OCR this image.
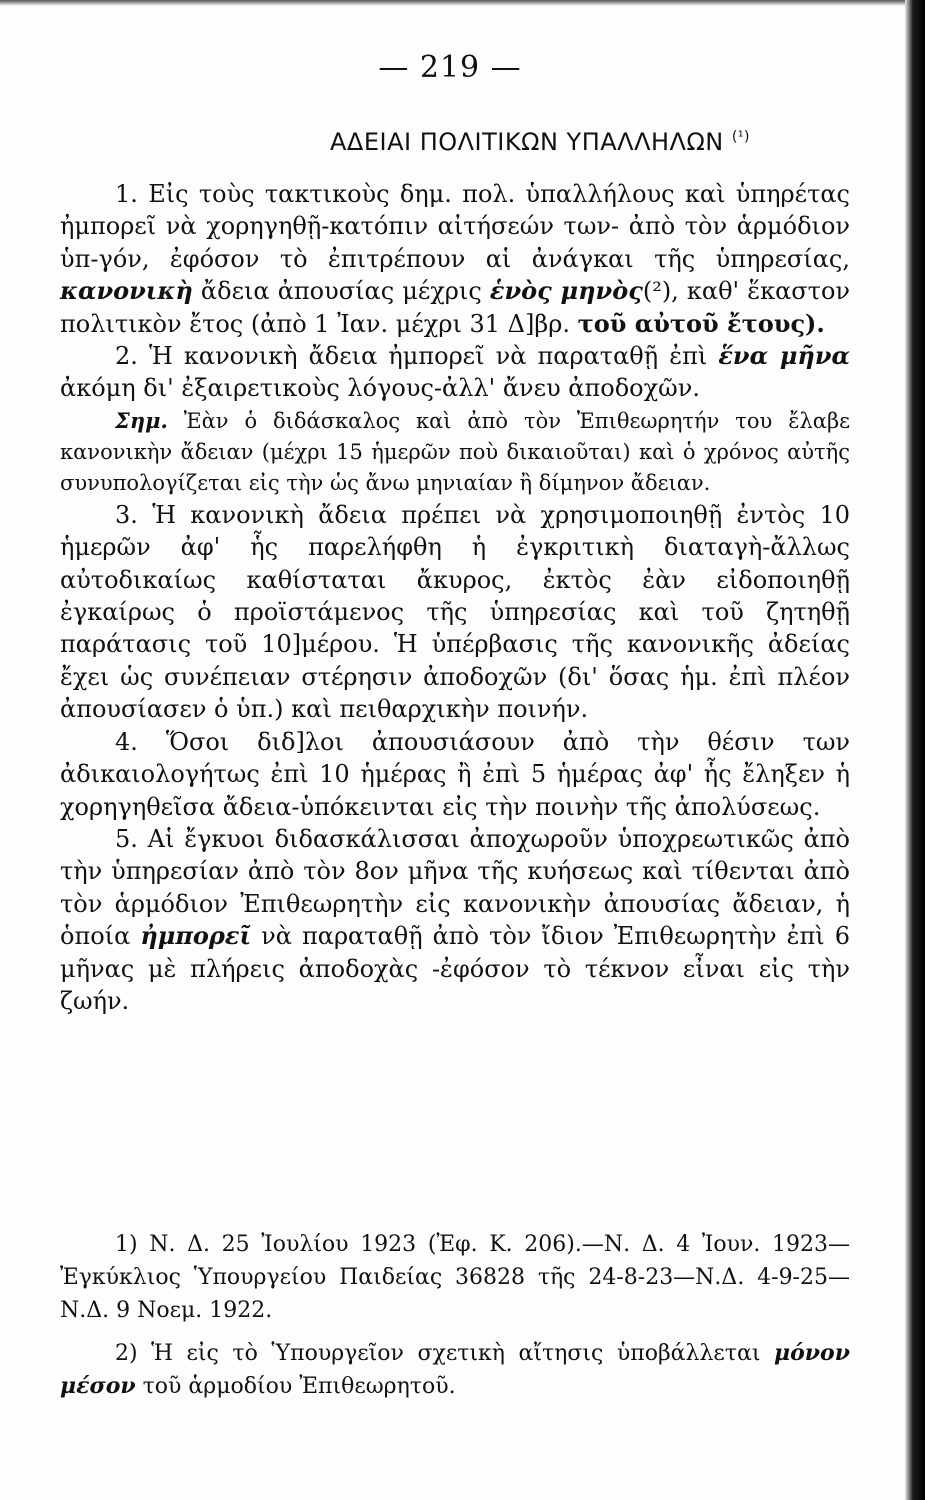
— 219 —
ΑΔΕΙΑΙ ΠΟΛΙΤΙΚΩΝ ΥΠΑΛΛΗΛΩΝ $^{(^1)}$

1. Εἰς τοὺς τακτικοὺς δημ. πολ. ὑπαλλήλους καὶ ὑπηρέτας ἠμπορεῖ νὰ χορηγηθῇ-κατόπιν αἰτήσεών των- ἀπὸ τὸν ἁρμόδιον ὑπ-γόν, ἐφόσον τὸ ἐπιτρέπουν αἱ ἀνάγκαι τῆς ὑπηρεσίας, κανονικὴ ἄδεια ἀπουσίας μέχρις ἑνὸς μηνὸς(²), καθ' ἕκαστον πολιτικὸν ἔτος (ἀπὸ 1 Ἰαν. μέχρι 31 Δ]βρ. τοῦ αὐτοῦ ἔτους).

2. Ἡ κανονικὴ ἄδεια ἠμπορεῖ νὰ παραταθῇ ἐπὶ ἕνα μῆνα ἀκόμη δι' ἐξαιρετικοὺς λόγους-ἀλλ' ἄνευ ἀποδοχῶν.

Σημ. Ἐὰν ὁ διδάσκαλος καὶ ἀπὸ τὸν Ἐπιθεωρητήν του ἔλαβε κανονικὴν ἄδειαν (μέχρι 15 ἡμερῶν ποὺ δικαιοῦται) καὶ ὁ χρόνος αὐτῆς συνυπολογίζεται εἰς τὴν ὡς ἄνω μηνιαίαν ἢ δίμηνον ἄδειαν.

3. Ἡ κανονικὴ ἄδεια πρέπει νὰ χρησιμοποιηθῇ ἐντὸς 10 ἡμερῶν ἀφ' ἧς παρελήφθη ἡ ἐγκριτικὴ διαταγὴ-ἄλλως αὐτοδικαίως καθίσταται ἄκυρος, ἐκτὸς ἐὰν εἰδοποιηθῇ ἐγκαίρως ὁ προϊστάμενος τῆς ὑπηρεσίας καὶ τοῦ ζητηθῇ παράτασις τοῦ 10]μέρου. Ἡ ὑπέρβασις τῆς κανονικῆς ἀδείας ἔχει ὡς συνέπειαν στέρησιν ἀποδοχῶν (δι' ὅσας ἡμ. ἐπὶ πλέον ἀπουσίασεν ὁ ὑπ.) καὶ πειθαρχικὴν ποινήν.

4. Ὅσοι διδ]λοι ἀπουσιάσουν ἀπὸ τὴν θέσιν των ἀδικαιολογήτως ἐπὶ 10 ἡμέρας ἢ ἐπὶ 5 ἡμέρας ἀφ' ἧς ἔληξεν ἡ χορηγηθεῖσα ἄδεια-ὑπόκεινται εἰς τὴν ποινὴν τῆς ἀπολύσεως.

5. Αἱ ἔγκυοι διδασκάλισσαι ἀποχωροῦν ὑποχρεωτικῶς ἀπὸ τὴν ὑπηρεσίαν ἀπὸ τὸν 8ον μῆνα τῆς κυήσεως καὶ τίθενται ἀπὸ τὸν ἁρμόδιον Ἐπιθεωρητὴν εἰς κανονικὴν ἀπουσίας ἄδειαν, ἡ ὁποία ἠμπορεῖ νὰ παραταθῇ ἀπὸ τὸν ἴδιον Ἐπιθεωρητὴν ἐπὶ 6 μῆνας μὲ πλήρεις ἀποδοχὰς -ἐφόσον τὸ τέκνον εἶναι εἰς τὴν ζωήν.

1) Ν. Δ. 25 Ἰουλίου 1923 (Ἐφ. Κ. 206).—Ν. Δ. 4 Ἰουν. 1923—Ἐγκύκλιος Ὑπουργείου Παιδείας 36828 τῆς 24-8-23—Ν.Δ. 4-9-25—Ν.Δ. 9 Νοεμ. 1922.

2) Ἡ εἰς τὸ Ὑπουργεῖον σχετικὴ αἴτησις ὑποβάλλεται μόνον μέσον τοῦ ἁρμοδίου Ἐπιθεωρητοῦ.
